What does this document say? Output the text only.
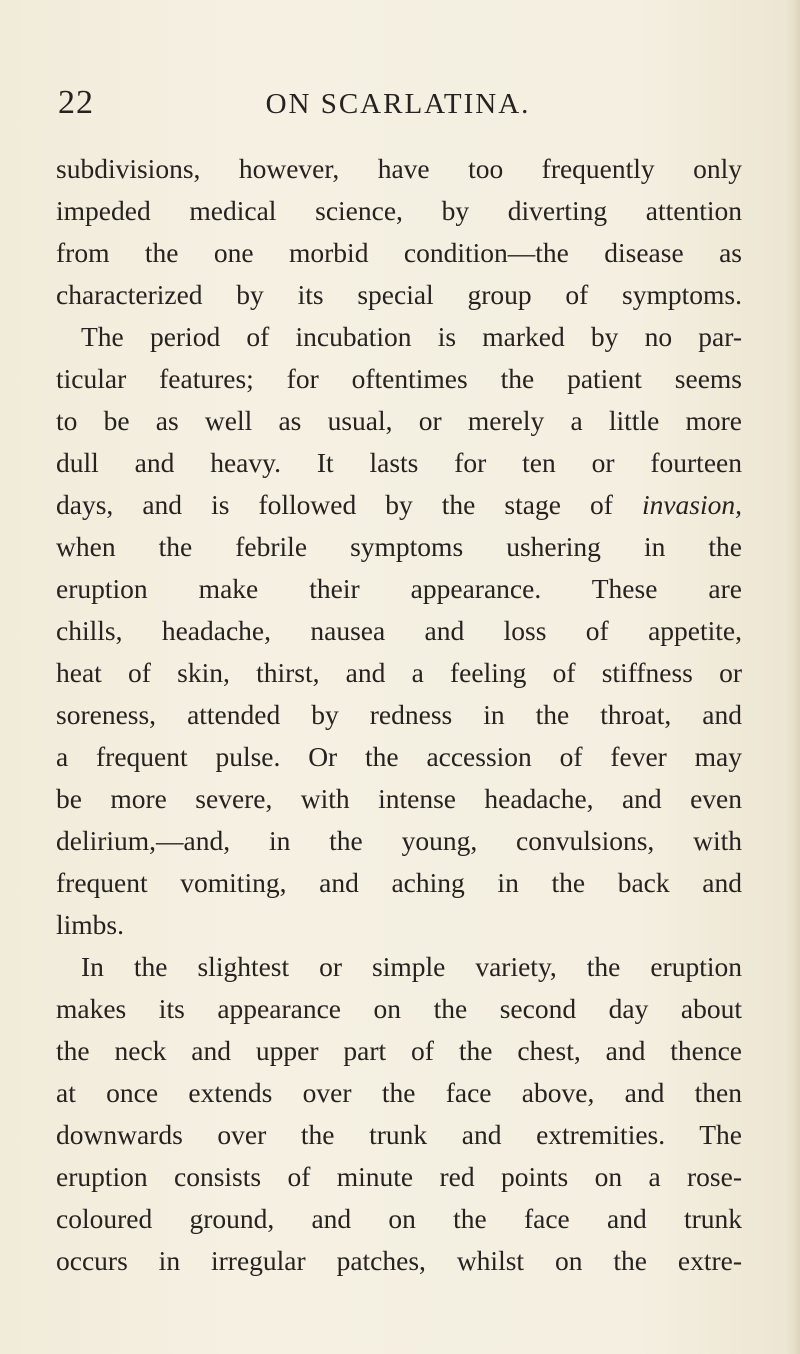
22	ON SCARLATINA.
subdivisions, however, have too frequently only
impeded medical science, by diverting attention
from the one morbid condition—the disease as
characterized by its special group of symptoms.
The period of incubation is marked by no par-
ticular features; for oftentimes the patient seems
to be as well as usual, or merely a little more
dull and heavy. It lasts for ten or fourteen
days, and is followed by the stage of invasion,
when the febrile symptoms ushering in the
eruption make their appearance. These are
chills, headache, nausea and loss of appetite,
heat of skin, thirst, and a feeling of stiffness or
soreness, attended by redness in the throat, and
a frequent pulse. Or the accession of fever may
be more severe, with intense headache, and even
delirium,—and, in the young, convulsions, with
frequent vomiting, and aching in the back and
limbs.
In the slightest or simple variety, the eruption
makes its appearance on the second day about
the neck and upper part of the chest, and thence
at once extends over the face above, and then
downwards over the trunk and extremities. The
eruption consists of minute red points on a rose-
coloured ground, and on the face and trunk
occurs in irregular patches, whilst on the extre-
